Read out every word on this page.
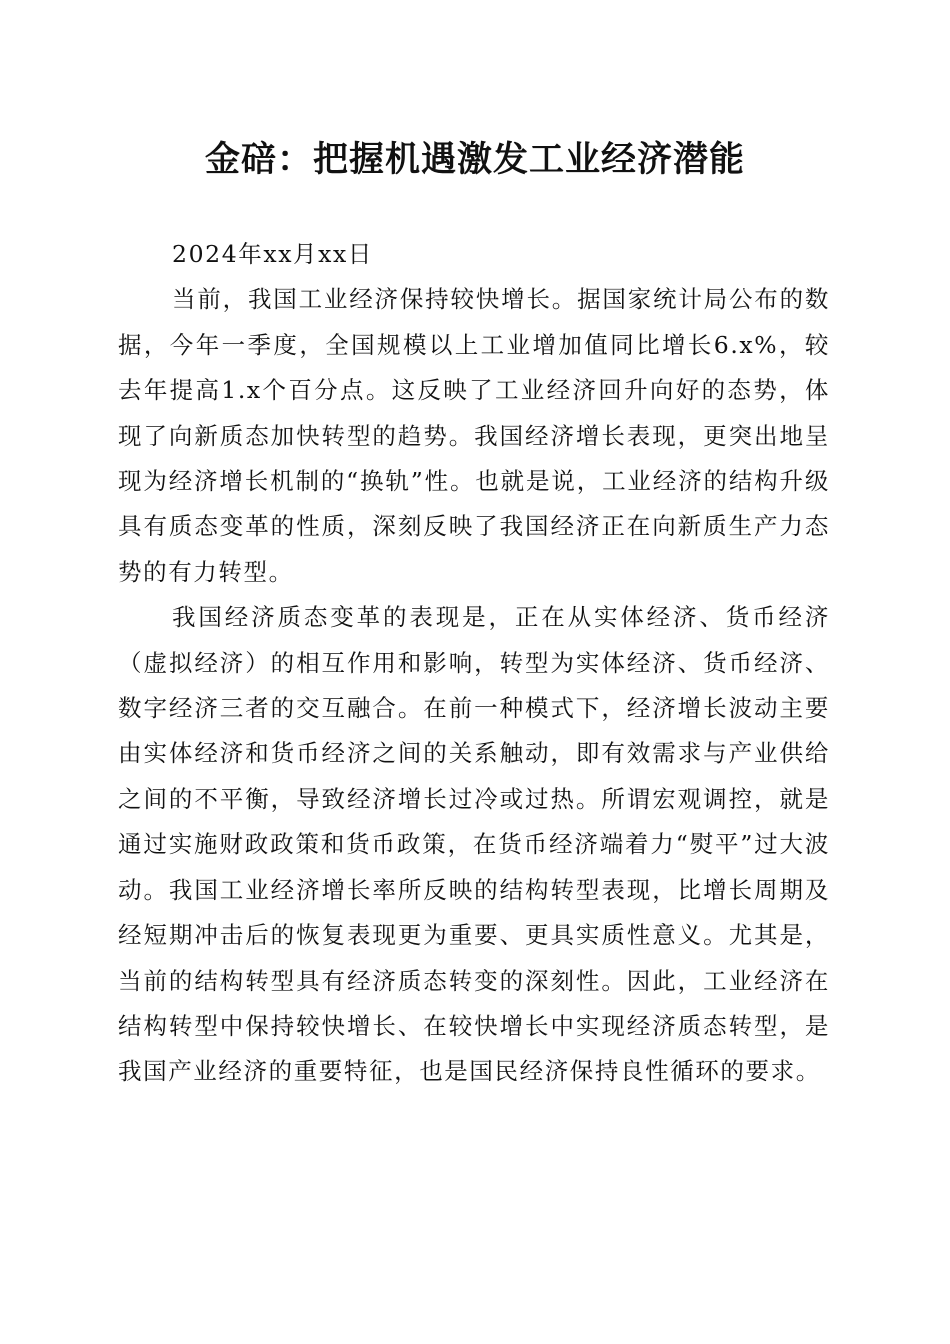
金碚：把握机遇激发工业经济潜能

2024年xx月xx日

当前，我国工业经济保持较快增长。据国家统计局公布的数据，今年一季度，全国规模以上工业增加值同比增长6.x%，较去年提高1.x个百分点。这反映了工业经济回升向好的态势，体现了向新质态加快转型的趋势。我国经济增长表现，更突出地呈现为经济增长机制的“换轨”性。也就是说，工业经济的结构升级具有质态变革的性质，深刻反映了我国经济正在向新质生产力态势的有力转型。

我国经济质态变革的表现是，正在从实体经济、货币经济（虚拟经济）的相互作用和影响，转型为实体经济、货币经济、数字经济三者的交互融合。在前一种模式下，经济增长波动主要由实体经济和货币经济之间的关系触动，即有效需求与产业供给之间的不平衡，导致经济增长过冷或过热。所谓宏观调控，就是通过实施财政政策和货币政策，在货币经济端着力“熨平”过大波动。我国工业经济增长率所反映的结构转型表现，比增长周期及经短期冲击后的恢复表现更为重要、更具实质性意义。尤其是，当前的结构转型具有经济质态转变的深刻性。因此，工业经济在结构转型中保持较快增长、在较快增长中实现经济质态转型，是我国产业经济的重要特征，也是国民经济保持良性循环的要求。
